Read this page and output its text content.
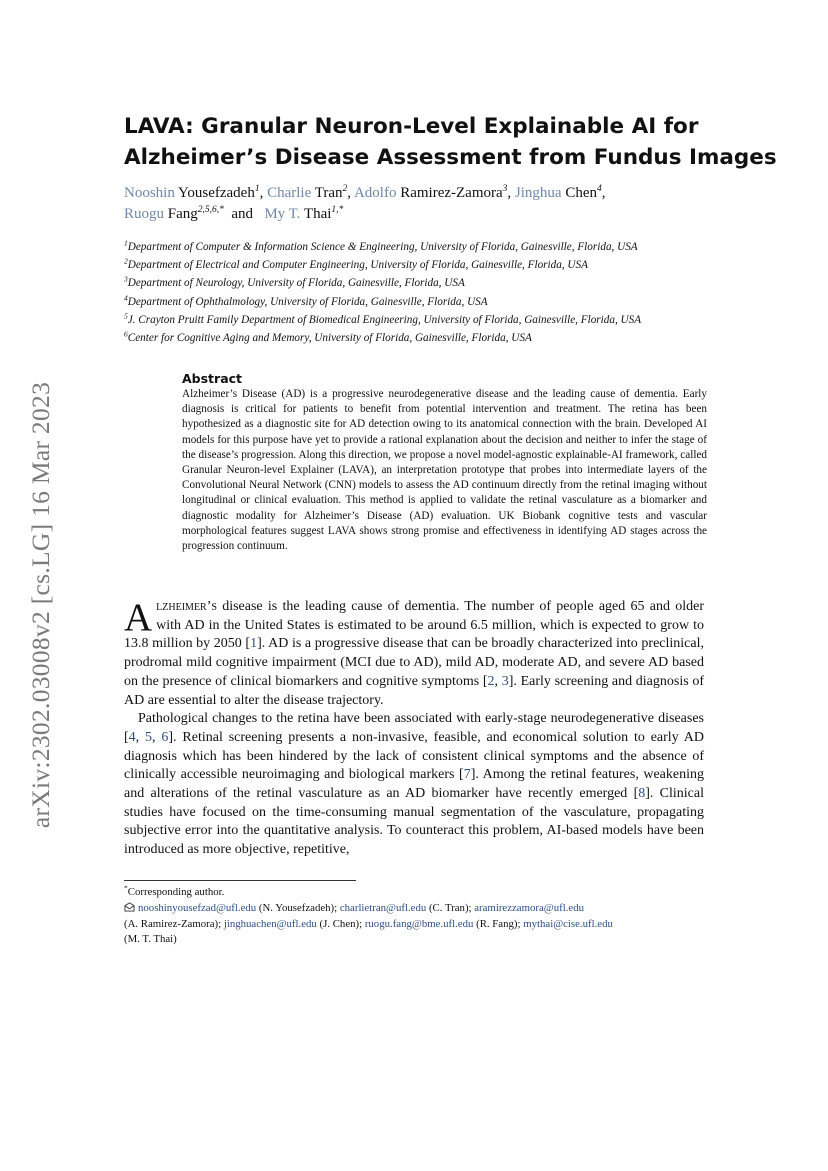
arXiv:2302.03008v2 [cs.LG] 16 Mar 2023
LAVA: Granular Neuron-Level Explainable AI for
Alzheimer’s Disease Assessment from Fundus Images
Nooshin Yousefzadeh$^1$, Charlie Tran$^2$, Adolfo Ramirez-Zamora$^3$, Jinghua Chen$^4$,
Ruogu Fang$^{2,5,6,*}$  and   My T. Thai$^{1,*}$
$^1$Department of Computer & Information Science & Engineering, University of Florida, Gainesville, Florida, USA
$^2$Department of Electrical and Computer Engineering, University of Florida, Gainesville, Florida, USA
$^3$Department of Neurology, University of Florida, Gainesville, Florida, USA
$^4$Department of Ophthalmology, University of Florida, Gainesville, Florida, USA
$^5$J. Crayton Pruitt Family Department of Biomedical Engineering, University of Florida, Gainesville, Florida, USA
$^6$Center for Cognitive Aging and Memory, University of Florida, Gainesville, Florida, USA
Abstract

Alzheimer’s Disease (AD) is a progressive neurodegenerative disease and the leading cause of dementia. Early diagnosis is critical for patients to benefit from potential intervention and treatment. The retina has been hypothesized as a diagnostic site for AD detection owing to its anatomical connection with the brain. Developed AI models for this purpose have yet to provide a rational explanation about the decision and neither to infer the stage of the disease’s progression. Along this direction, we propose a novel model-agnostic explainable-AI framework, called Granular Neuron-level Explainer (LAVA), an interpretation prototype that probes into intermediate layers of the Convolutional Neural Network (CNN) models to assess the AD continuum directly from the retinal imaging without longitudinal or clinical evaluation. This method is applied to validate the retinal vasculature as a biomarker and diagnostic modality for Alzheimer’s Disease (AD) evaluation. UK Biobank cognitive tests and vascular morphological features suggest LAVA shows strong promise and effectiveness in identifying AD stages across the progression continuum.

Alzheimer’s disease is the leading cause of dementia. The number of people aged 65 and older with AD in the United States is estimated to be around 6.5 million, which is expected to grow to 13.8 million by 2050 [1]. AD is a progressive disease that can be broadly characterized into preclinical, prodromal mild cognitive impairment (MCI due to AD), mild AD, moderate AD, and severe AD based on the presence of clinical biomarkers and cognitive symptoms [2, 3]. Early screening and diagnosis of AD are essential to alter the disease trajectory.

Pathological changes to the retina have been associated with early-stage neurodegenerative diseases [4, 5, 6]. Retinal screening presents a non-invasive, feasible, and economical solution to early AD diagnosis which has been hindered by the lack of consistent clinical symptoms and the absence of clinically accessible neuroimaging and biological markers [7]. Among the retinal features, weakening and alterations of the retinal vasculature as an AD biomarker have recently emerged [8]. Clinical studies have focused on the time-consuming manual segmentation of the vasculature, propagating subjective error into the quantitative analysis. To counteract this problem, AI-based models have been introduced as more objective, repetitive,

*Corresponding author.
nooshinyousefzad@ufl.edu (N. Yousefzadeh); charlietran@ufl.edu (C. Tran); aramirezzamora@ufl.edu
(A. Ramirez-Zamora); jinghuachen@ufl.edu (J. Chen); ruogu.fang@bme.ufl.edu (R. Fang); mythai@cise.ufl.edu
(M. T. Thai)
